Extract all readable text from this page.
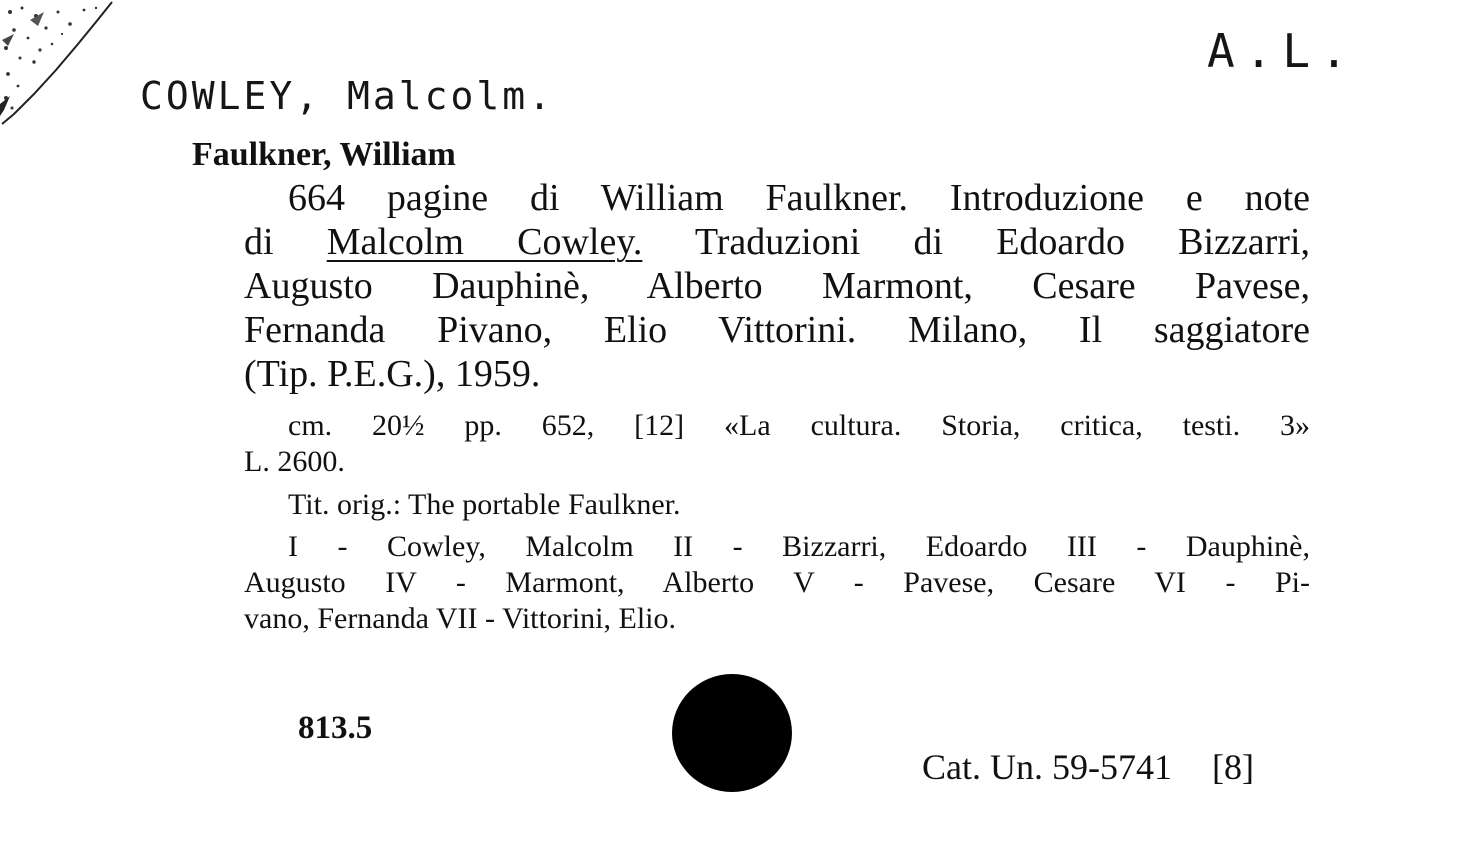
A.L.
COWLEY, Malcolm.
Faulkner, William
664 pagine di William Faulkner. Introduzione e note
di Malcolm Cowley. Traduzioni di Edoardo Bizzarri,
Augusto Dauphinè, Alberto Marmont, Cesare Pavese,
Fernanda Pivano, Elio Vittorini. Milano, Il saggiatore
(Tip. P.E.G.), 1959.
cm. 20½ pp. 652, [12] «La cultura. Storia, critica, testi. 3»
L. 2600.
Tit. orig.: The portable Faulkner.
I - Cowley, Malcolm II - Bizzarri, Edoardo III - Dauphinè,
Augusto IV - Marmont, Alberto V - Pavese, Cesare VI - Pi-
vano, Fernanda VII - Vittorini, Elio.
813.5
Cat. Un. 59-5741 [8]
